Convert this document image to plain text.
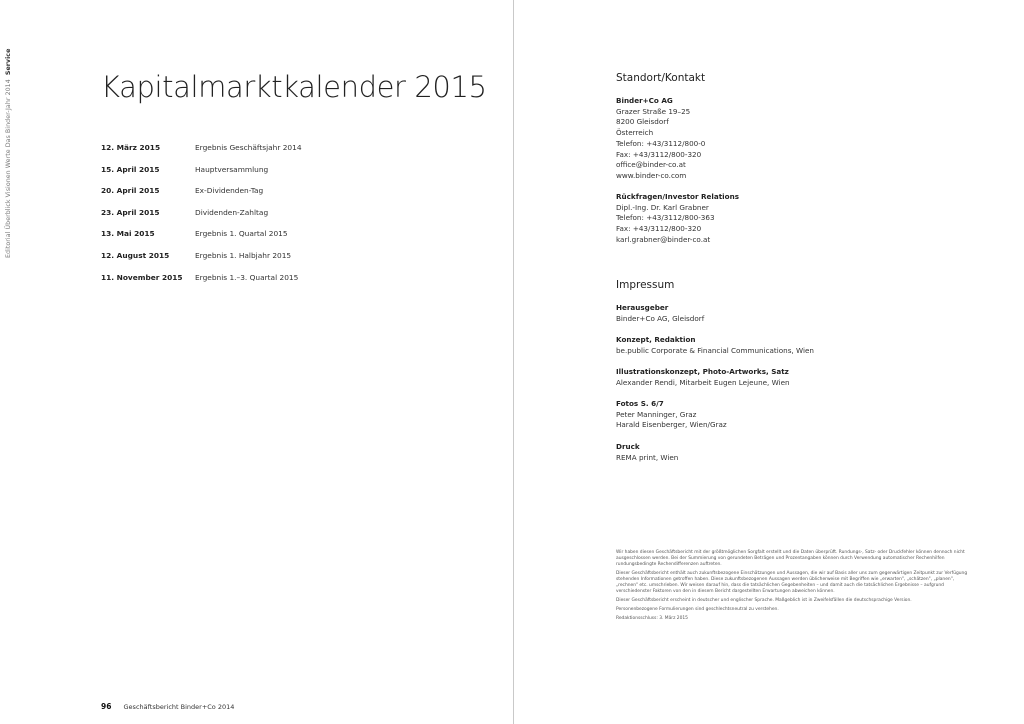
Editorial Überblick Visionen Werte Das Binder-Jahr 2014 Service
Kapitalmarktkalender 2015
12. März 2015	Ergebnis Geschäftsjahr 2014
15. April 2015	Hauptversammlung
20. April 2015	Ex-Dividenden-Tag
23. April 2015	Dividenden-Zahltag
13. Mai 2015	Ergebnis 1. Quartal 2015
12. August 2015	Ergebnis 1. Halbjahr 2015
11. November 2015 Ergebnis 1.–3. Quartal 2015
96 Geschäftsbericht Binder+Co 2014
Standort/Kontakt
Binder+Co AG
Grazer Straße 19–25
8200 Gleisdorf
Österreich
Telefon: +43/3112/800-0
Fax: +43/3112/800-320
office@binder-co.at
www.binder-co.com
Rückfragen/Investor Relations
Dipl.-Ing. Dr. Karl Grabner
Telefon: +43/3112/800-363
Fax: +43/3112/800-320
karl.grabner@binder-co.at
Impressum
Herausgeber
Binder+Co AG, Gleisdorf
Konzept, Redaktion
be.public Corporate & Financial Communications, Wien
Illustrationskonzept, Photo-Artworks, Satz
Alexander Rendi, Mitarbeit Eugen Lejeune, Wien
Fotos S. 6/7
Peter Manninger, Graz
Harald Eisenberger, Wien/Graz
Druck
REMA print, Wien

Wir haben diesen Geschäftsbericht mit der größtmöglichen Sorgfalt erstellt und die Daten überprüft. Rundungs-, Satz- oder Druckfehler können dennoch nicht ausgeschlossen werden. Bei der Summierung von gerundeten Beträgen und Prozentangaben können durch Verwendung automatischer Rechenhilfen rundungsbedingte Rechendifferenzen auftreten.

Dieser Geschäftsbericht enthält auch zukunftsbezogene Einschätzungen und Aussagen, die wir auf Basis aller uns zum gegenwärtigen Zeitpunkt zur Verfügung stehenden Informationen getroffen haben. Diese zukunftsbezogenen Aussagen werden üblicherweise mit Begriffen wie „erwarten", „schätzen", „planen", „rechnen" etc. umschrieben. Wir weisen darauf hin, dass die tatsächlichen Gegebenheiten – und damit auch die tatsächlichen Ergebnisse – aufgrund verschiedenster Faktoren von den in diesem Bericht dargestellten Erwartungen abweichen können.

Dieser Geschäftsbericht erscheint in deutscher und englischer Sprache. Maßgeblich ist in Zweifelsfällen die deutschsprachige Version.

Personenbezogene Formulierungen sind geschlechtsneutral zu verstehen.

Redaktionsschluss: 3. März 2015
